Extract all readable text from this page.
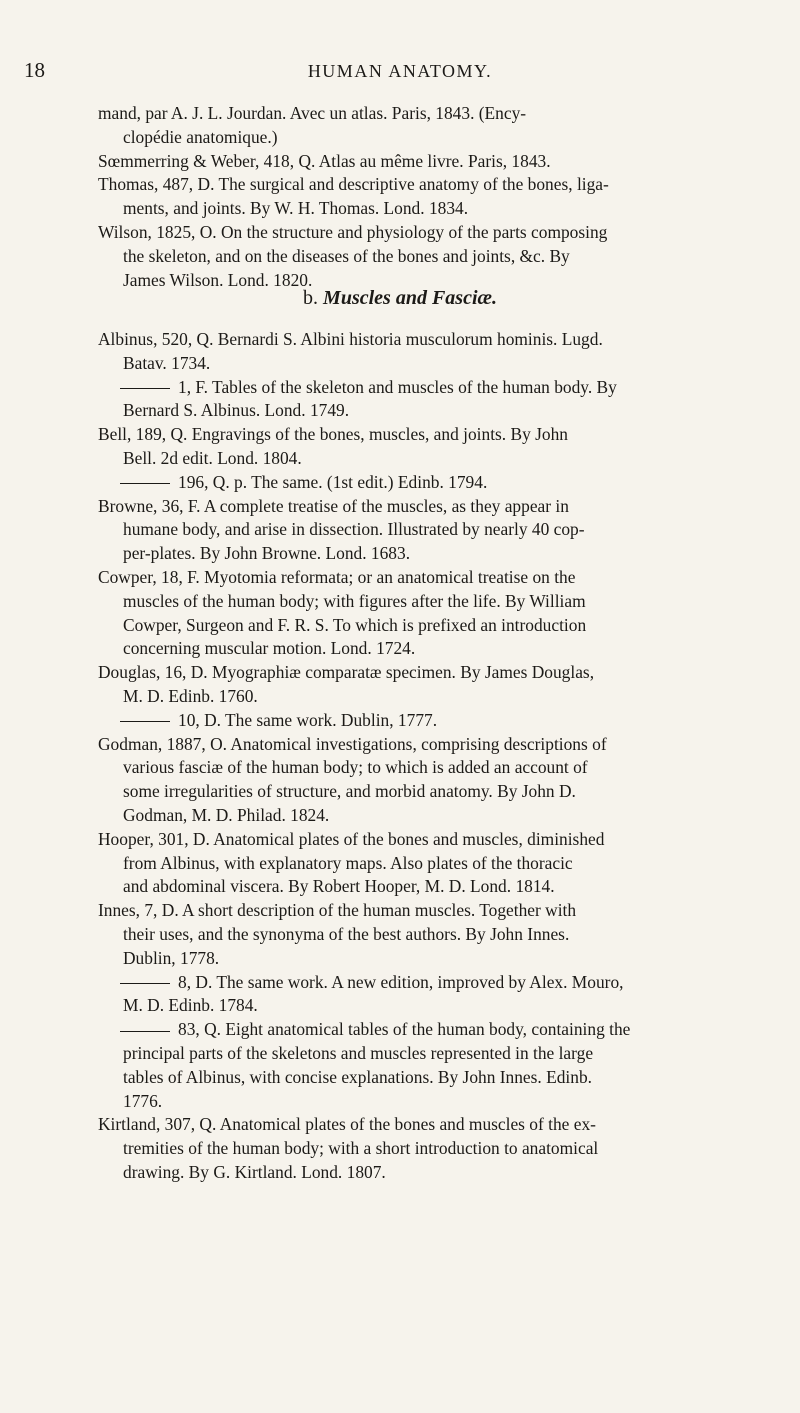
18	HUMAN ANATOMY.

mand, par A. J. L. Jourdan. Avec un atlas. Paris, 1843. (Ency-
clopédie anatomique.)

Sœmmerring & Weber, 418, Q. Atlas au même livre. Paris, 1843.

Thomas, 487, D. The surgical and descriptive anatomy of the bones, liga-
ments, and joints. By W. H. Thomas. Lond. 1834.

Wilson, 1825, O. On the structure and physiology of the parts composing
the skeleton, and on the diseases of the bones and joints, &c. By
James Wilson. Lond. 1820.

b. Muscles and Fasciæ.

Albinus, 520, Q. Bernardi S. Albini historia musculorum hominis. Lugd.
Batav. 1734.

1, F. Tables of the skeleton and muscles of the human body. By
Bernard S. Albinus. Lond. 1749.

Bell, 189, Q. Engravings of the bones, muscles, and joints. By John
Bell. 2d edit. Lond. 1804.

196, Q. p. The same. (1st edit.) Edinb. 1794.

Browne, 36, F. A complete treatise of the muscles, as they appear in
humane body, and arise in dissection. Illustrated by nearly 40 cop-
per-plates. By John Browne. Lond. 1683.

Cowper, 18, F. Myotomia reformata; or an anatomical treatise on the
muscles of the human body; with figures after the life. By William
Cowper, Surgeon and F. R. S. To which is prefixed an introduction
concerning muscular motion. Lond. 1724.

Douglas, 16, D. Myographiæ comparatæ specimen. By James Douglas,
M. D. Edinb. 1760.

10, D. The same work. Dublin, 1777.

Godman, 1887, O. Anatomical investigations, comprising descriptions of
various fasciæ of the human body; to which is added an account of
some irregularities of structure, and morbid anatomy. By John D.
Godman, M. D. Philad. 1824.

Hooper, 301, D. Anatomical plates of the bones and muscles, diminished
from Albinus, with explanatory maps. Also plates of the thoracic
and abdominal viscera. By Robert Hooper, M. D. Lond. 1814.

Innes, 7, D. A short description of the human muscles. Together with
their uses, and the synonyma of the best authors. By John Innes.
Dublin, 1778.

8, D. The same work. A new edition, improved by Alex. Mouro,
M. D. Edinb. 1784.

83, Q. Eight anatomical tables of the human body, containing the
principal parts of the skeletons and muscles represented in the large
tables of Albinus, with concise explanations. By John Innes. Edinb.
1776.

Kirtland, 307, Q. Anatomical plates of the bones and muscles of the ex-
tremities of the human body; with a short introduction to anatomical
drawing. By G. Kirtland. Lond. 1807.
